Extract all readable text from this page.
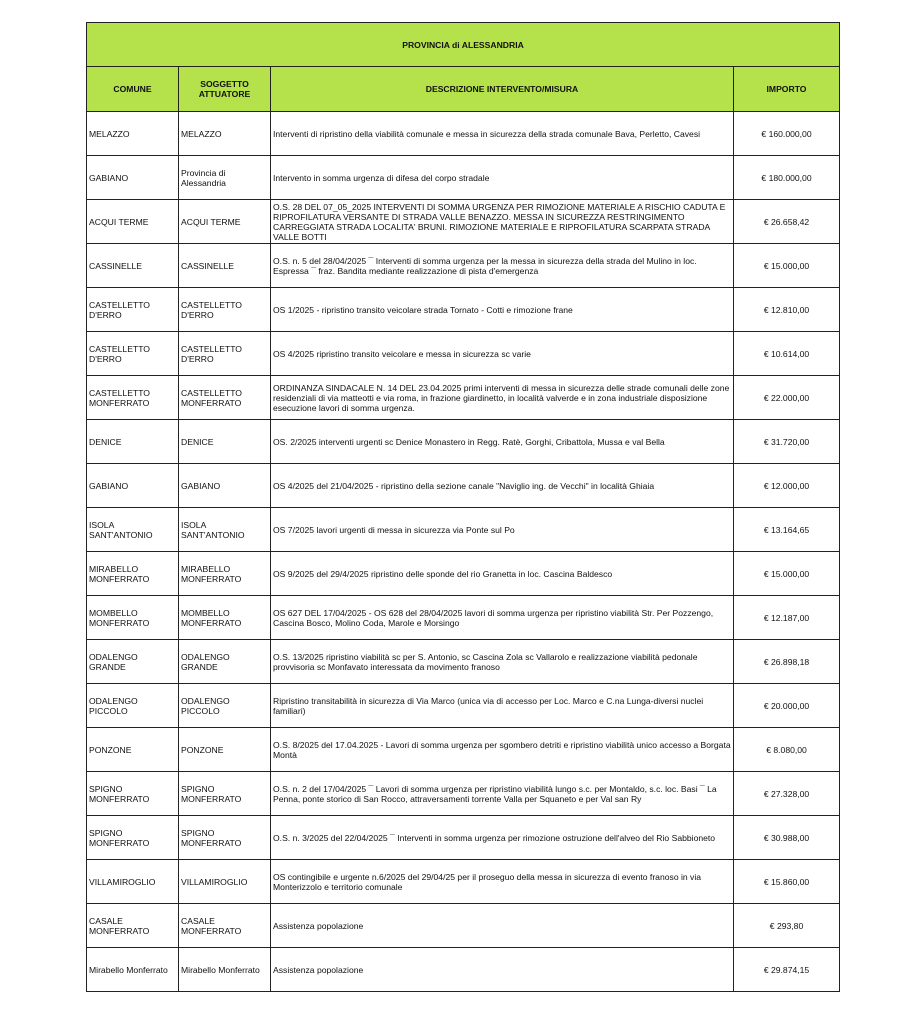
PROVINCIA di ALESSANDRIA			
COMUNE	SOGGETTO ATTUATORE	DESCRIZIONE INTERVENTO/MISURA	IMPORTO
MELAZZO	MELAZZO	Interventi di ripristino della viabilità comunale e messa in sicurezza della strada comunale Bava, Perletto, Cavesi	€ 160.000,00
GABIANO	Provincia di Alessandria	Intervento in somma urgenza di difesa del corpo stradale	€ 180.000,00
ACQUI TERME	ACQUI TERME	O.S. 28 DEL 07_05_2025 INTERVENTI DI SOMMA URGENZA PER RIMOZIONE MATERIALE A RISCHIO CADUTA E RIPROFILATURA VERSANTE DI STRADA VALLE BENAZZO. MESSA IN SICUREZZA RESTRINGIMENTO CARREGGIATA STRADA LOCALITA' BRUNI. RIMOZIONE MATERIALE E RIPROFILATURA SCARPATA STRADA VALLE BOTTI	€ 26.658,42
CASSINELLE	CASSINELLE	O.S. n. 5 del 28/04/2025 ¯ Interventi di somma urgenza per la messa in sicurezza della strada del Mulino in loc. Espressa ¯ fraz. Bandita mediante realizzazione di pista d'emergenza	€ 15.000,00
CASTELLETTO D'ERRO	CASTELLETTO D'ERRO	OS 1/2025 - ripristino transito veicolare strada Tornato - Cotti e rimozione frane	€ 12.810,00
CASTELLETTO D'ERRO	CASTELLETTO D'ERRO	OS 4/2025 ripristino transito veicolare e messa in sicurezza sc varie	€ 10.614,00
CASTELLETTO MONFERRATO	CASTELLETTO MONFERRATO	ORDINANZA SINDACALE N. 14 DEL 23.04.2025 primi interventi di messa in sicurezza delle strade comunali delle zone residenziali di via matteotti e via roma, in frazione giardinetto, in località valverde e in zona industriale disposizione esecuzione lavori di somma urgenza.	€ 22.000,00
DENICE	DENICE	OS. 2/2025 interventi urgenti sc Denice Monastero in Regg. Ratè, Gorghi, Cribattola, Mussa e val Bella	€ 31.720,00
GABIANO	GABIANO	OS 4/2025 del 21/04/2025 - ripristino della sezione canale "Naviglio ing. de Vecchi" in località Ghiaia	€ 12.000,00
ISOLA SANT'ANTONIO	ISOLA SANT'ANTONIO	OS 7/2025 lavori urgenti di messa in sicurezza via Ponte sul Po	€ 13.164,65
MIRABELLO MONFERRATO	MIRABELLO MONFERRATO	OS 9/2025 del 29/4/2025 ripristino delle sponde del rio Granetta in loc. Cascina Baldesco	€ 15.000,00
MOMBELLO MONFERRATO	MOMBELLO MONFERRATO	OS 627 DEL 17/04/2025 - OS 628 del 28/04/2025 lavori di somma urgenza per ripristino viabilità Str. Per Pozzengo, Cascina Bosco, Molino Coda, Marole e Morsingo	€ 12.187,00
ODALENGO GRANDE	ODALENGO GRANDE	O.S. 13/2025 ripristino viabilità sc per S. Antonio, sc Cascina Zola sc Vallarolo e realizzazione viabilità pedonale provvisoria sc Monfavato interessata da movimento franoso	€ 26.898,18
ODALENGO PICCOLO	ODALENGO PICCOLO	Ripristino transitabilità in sicurezza di Via Marco (unica via di accesso per Loc. Marco e C.na Lunga-diversi nuclei familiari)	€ 20.000,00
PONZONE	PONZONE	O.S. 8/2025 del 17.04.2025 - Lavori di somma urgenza per sgombero detriti e ripristino viabilità unico accesso a Borgata Montà	€ 8.080,00
SPIGNO MONFERRATO	SPIGNO MONFERRATO	O.S. n. 2 del 17/04/2025 ¯ Lavori di somma urgenza per ripristino viabilità lungo s.c. per Montaldo, s.c. loc. Basi ¯ La Penna, ponte storico di San Rocco, attraversamenti torrente Valla per Squaneto e per Val san Ry	€ 27.328,00
SPIGNO MONFERRATO	SPIGNO MONFERRATO	O.S. n. 3/2025 del 22/04/2025 ¯ Interventi in somma urgenza per rimozione ostruzione dell'alveo del Rio Sabbioneto	€ 30.988,00
VILLAMIROGLIO	VILLAMIROGLIO	OS contingibile e urgente n.6/2025 del 29/04/25 per il proseguo della messa in sicurezza di evento franoso in via Monterizzolo e territorio comunale	€ 15.860,00
CASALE MONFERRATO	CASALE MONFERRATO	Assistenza popolazione	€ 293,80
Mirabello Monferrato	Mirabello Monferrato	Assistenza popolazione	€ 29.874,15
